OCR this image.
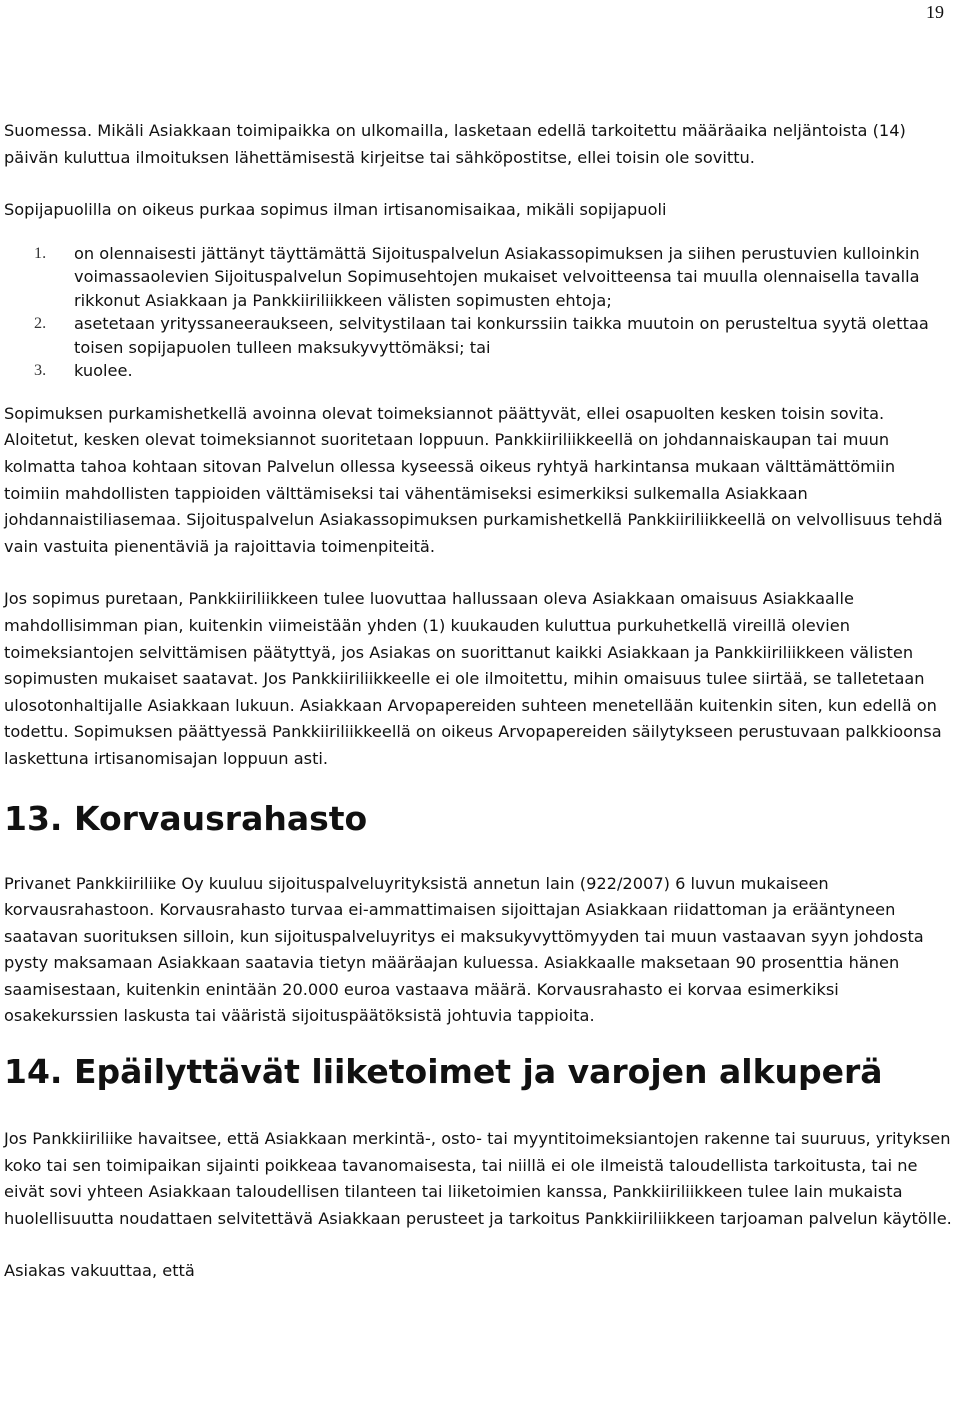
19

Suomessa. Mikäli Asiakkaan toimipaikka on ulkomailla, lasketaan edellä tarkoitettu määräaika neljäntoista (14) päivän kuluttua ilmoituksen lähettämisestä kirjeitse tai sähköpostitse, ellei toisin ole sovittu.

Sopijapuolilla on oikeus purkaa sopimus ilman irtisanomisaikaa, mikäli sopijapuoli

1. on olennaisesti jättänyt täyttämättä Sijoituspalvelun Asiakassopimuksen ja siihen perustuvien kulloinkin voimassaolevien Sijoituspalvelun Sopimusehtojen mukaiset velvoitteensa tai muulla olennaisella tavalla rikkonut Asiakkaan ja Pankkiiriliikkeen välisten sopimusten ehtoja;
2. asetetaan yrityssaneeraukseen, selvitystilaan tai konkurssiin taikka muutoin on perusteltua syytä olettaa toisen sopijapuolen tulleen maksukyvyttömäksi; tai
3. kuolee.

Sopimuksen purkamishetkellä avoinna olevat toimeksiannot päättyvät, ellei osapuolten kesken toisin sovita. Aloitetut, kesken olevat toimeksiannot suoritetaan loppuun. Pankkiiriliikkeellä on johdannaiskaupan tai muun kolmatta tahoa kohtaan sitovan Palvelun ollessa kyseessä oikeus ryhtyä harkintansa mukaan välttämättömiin toimiin mahdollisten tappioiden välttämiseksi tai vähentämiseksi esimerkiksi sulkemalla Asiakkaan johdannaistiliasemaa. Sijoituspalvelun Asiakassopimuksen purkamishetkellä Pankkiiriliikkeellä on velvollisuus tehdä vain vastuita pienentäviä ja rajoittavia toimenpiteitä.

Jos sopimus puretaan, Pankkiiriliikkeen tulee luovuttaa hallussaan oleva Asiakkaan omaisuus Asiakkaalle mahdollisimman pian, kuitenkin viimeistään yhden (1) kuukauden kuluttua purkuhetkellä vireillä olevien toimeksiantojen selvittämisen päätyttyä, jos Asiakas on suorittanut kaikki Asiakkaan ja Pankkiiriliikkeen välisten sopimusten mukaiset saatavat. Jos Pankkiiriliikkeelle ei ole ilmoitettu, mihin omaisuus tulee siirtää, se talletetaan ulosotonhaltijalle Asiakkaan lukuun. Asiakkaan Arvopapereiden suhteen menetellään kuitenkin siten, kun edellä on todettu. Sopimuksen päättyessä Pankkiiriliikkeellä on oikeus Arvopapereiden säilytykseen perustuvaan palkkioonsa laskettuna irtisanomisajan loppuun asti.

13. Korvausrahasto

Privanet Pankkiiriliike Oy kuuluu sijoituspalveluyrityksistä annetun lain (922/2007) 6 luvun mukaiseen korvausrahastoon. Korvausrahasto turvaa ei-ammattimaisen sijoittajan Asiakkaan riidattoman ja erääntyneen saatavan suorituksen silloin, kun sijoituspalveluyritys ei maksukyvyttömyyden tai muun vastaavan syyn johdosta pysty maksamaan Asiakkaan saatavia tietyn määräajan kuluessa. Asiakkaalle maksetaan 90 prosenttia hänen saamisestaan, kuitenkin enintään 20.000 euroa vastaava määrä. Korvausrahasto ei korvaa esimerkiksi osakekurssien laskusta tai vääristä sijoituspäätöksistä johtuvia tappioita.

14. Epäilyttävät liiketoimet ja varojen alkuperä

Jos Pankkiiriliike havaitsee, että Asiakkaan merkintä-, osto- tai myyntitoimeksiantojen rakenne tai suuruus, yrityksen koko tai sen toimipaikan sijainti poikkeaa tavanomaisesta, tai niillä ei ole ilmeistä taloudellista tarkoitusta, tai ne eivät sovi yhteen Asiakkaan taloudellisen tilanteen tai liiketoimien kanssa, Pankkiiriliikkeen tulee lain mukaista huolellisuutta noudattaen selvitettävä Asiakkaan perusteet ja tarkoitus Pankkiiriliikkeen tarjoaman palvelun käytölle.

Asiakas vakuuttaa, että
